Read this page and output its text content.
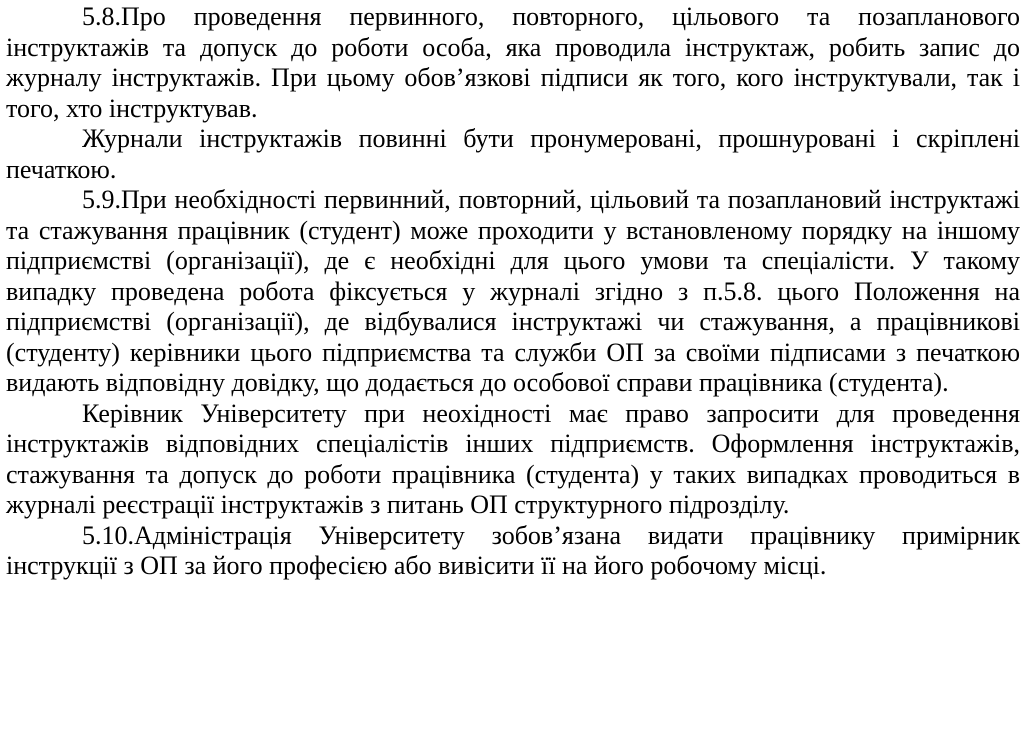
5.8.Про проведення первинного, повторного, цільового та позапланового інструктажів та допуск до роботи особа, яка проводила інструктаж, робить запис до журналу інструктажів. При цьому обов’язкові підписи як того, кого інструктували, так і того, хто інструктував.

Журнали інструктажів повинні бути пронумеровані, прошнуровані і скріплені печаткою.

5.9.При необхідності первинний, повторний, цільовий та позаплановий інструктажі та стажування працівник (студент) може проходити у встановленому порядку на іншому підприємстві (організації), де є необхідні для цього умови та спеціалісти. У такому випадку проведена робота фіксується у журналі згідно з п.5.8. цього Положення на підприємстві (організації), де відбувалися інструктажі чи стажування, а працівникові (студенту) керівники цього підприємства та служби ОП за своїми підписами з печаткою видають відповідну довідку, що додається до особової справи працівника (студента).

Керівник Університету при неохідності має право запросити для проведення інструктажів відповідних спеціалістів інших підприємств. Оформлення інструктажів, стажування та допуск до роботи працівника (студента) у таких випадках проводиться в журналі реєстрації інструктажів з питань ОП структурного підрозділу.

5.10.Адміністрація Університету зобов’язана видати працівнику примірник інструкції з ОП за його професією або вивісити її на його робочому місці.
